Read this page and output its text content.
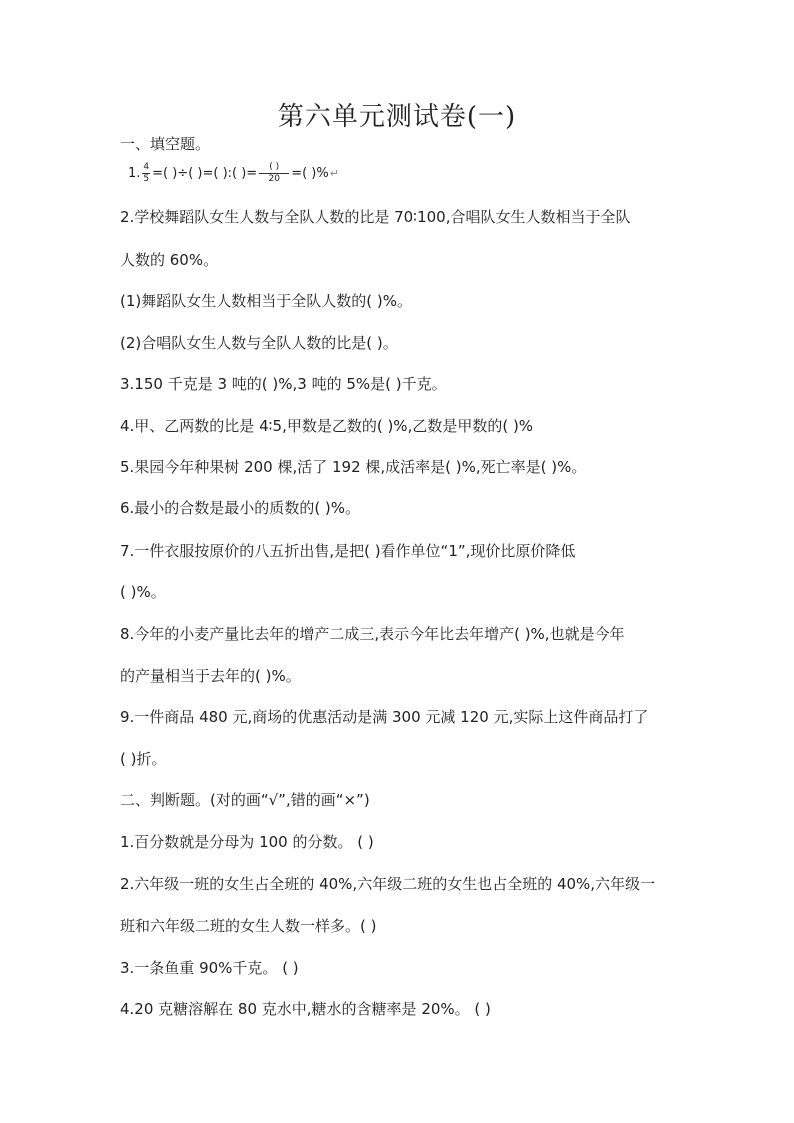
第六单元测试卷(一)
一、填空题。
1. $\frac{4}{5}$ =( )÷( )=( ):( )= $\frac{( )}{20}$ =( )% ↵
2.学校舞蹈队女生人数与全队人数的比是 70∶100,合唱队女生人数相当于全队
人数的 60%。
(1)舞蹈队女生人数相当于全队人数的( )%。
(2)合唱队女生人数与全队人数的比是( )。
3.150 千克是 3 吨的( )%,3 吨的 5%是( )千克。
4.甲、乙两数的比是 4∶5,甲数是乙数的( )%,乙数是甲数的( )%
5.果园今年种果树 200 棵,活了 192 棵,成活率是( )%,死亡率是( )%。
6.最小的合数是最小的质数的( )%。
7.一件衣服按原价的八五折出售,是把( )看作单位“1”,现价比原价降低
( )%。
8.今年的小麦产量比去年的增产二成三,表示今年比去年增产( )%,也就是今年
的产量相当于去年的( )%。
9.一件商品 480 元,商场的优惠活动是满 300 元减 120 元,实际上这件商品打了
( )折。
二、判断题。(对的画“√”,错的画“×”)
1.百分数就是分母为 100 的分数。 ( )
2.六年级一班的女生占全班的 40%,六年级二班的女生也占全班的 40%,六年级一
班和六年级二班的女生人数一样多。( )
3.一条鱼重 90%千克。 ( )
4.20 克糖溶解在 80 克水中,糖水的含糖率是 20%。 ( )
